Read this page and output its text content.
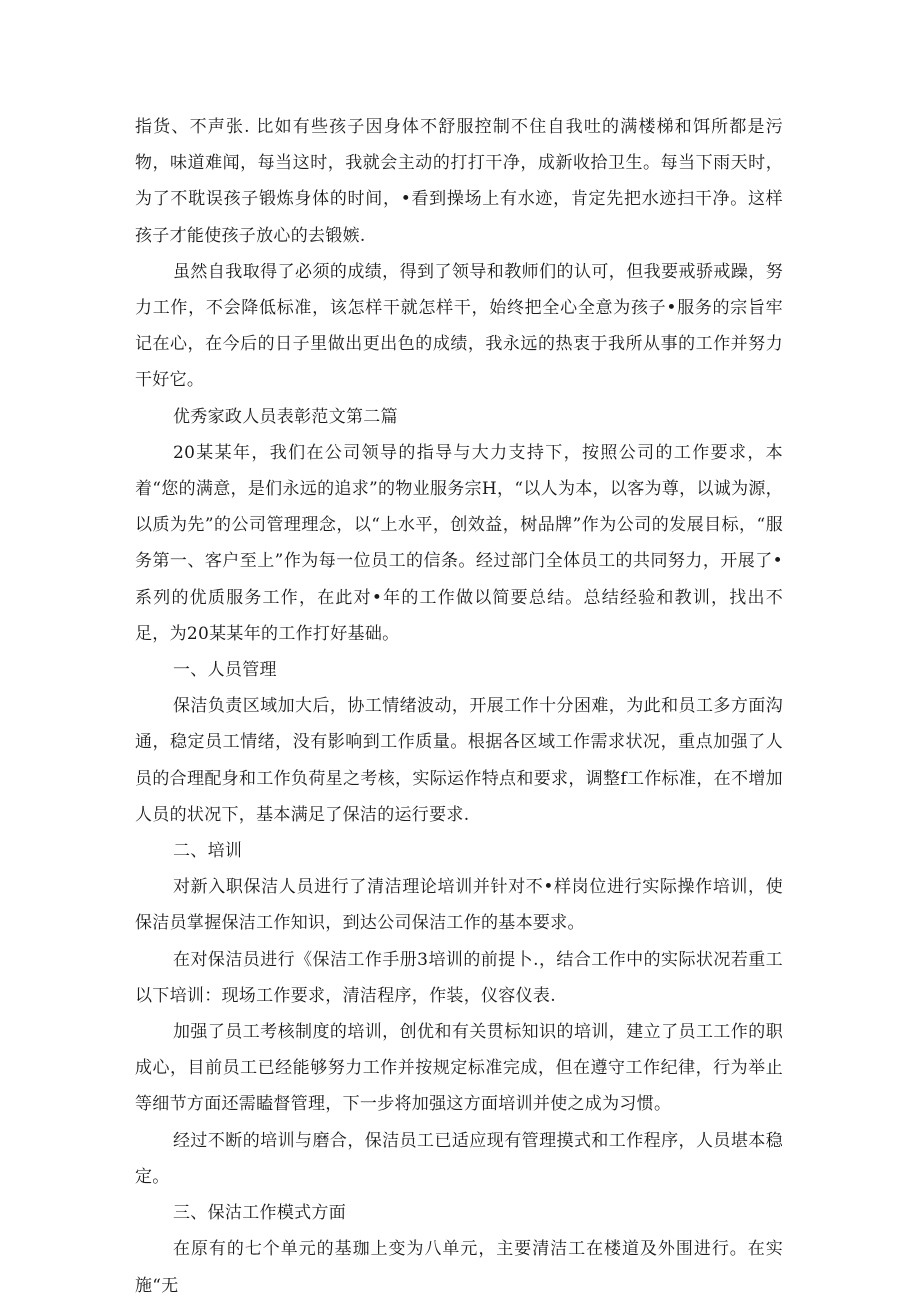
指货、不声张. 比如有些孩子因身体不舒服控制不住自我吐的满楼梯和饵所都是污物，味道难闻，每当这时，我就会主动的打打干净，成新收拾卫生。每当下雨天时，为了不耽误孩子锻炼身体的时间，•看到操场上有水迹，肯定先把水迹扫干净。这样孩子才能使孩子放心的去锻嫉.

虽然自我取得了必须的成绩，得到了领导和教师们的认可，但我要戒骄戒躁，努力工作，不会降低标准，该怎样干就怎样干，始终把全心全意为孩子•服务的宗旨牢记在心，在今后的日子里做出更出色的成绩，我永远的热衷于我所从事的工作并努力干好它。

优秀家政人员表彰范文第二篇

20某某年，我们在公司领导的指导与大力支持下，按照公司的工作要求，本着“您的满意，是们永远的追求”的物业服务宗H，“以人为本，以客为尊，以诚为源，以质为先”的公司管理理念，以“上水平，创效益，树品牌”作为公司的发展目标，“服务第一、客户至上”作为每一位员工的信条。经过部门全体员工的共同努力，开展了•系列的优质服务工作，在此对•年的工作做以简要总结。总结经验和教训，找出不足，为20某某年的工作打好基础。

一、人员管理

保洁负责区域加大后，协工情绪波动，开展工作十分困难，为此和员工多方面沟通，稳定员工情绪，没有影响到工作质量。根据各区域工作需求状况，重点加强了人员的合理配身和工作负荷星之考核，实际运作特点和要求，调整f工作标准，在不增加人员的状况下，基本满足了保洁的运行要求.

二、培训

对新入职保洁人员进行了清洁理论培训并针对不•样岗位进行实际操作培训，使保洁员掌握保洁工作知识，到达公司保洁工作的基本要求。

在对保洁员进行《保洁工作手册3培训的前提卜.，结合工作中的实际状况若重工以下培训：现场工作要求，清洁程序，作装，仪容仪表.

加强了员工考核制度的培训，创优和有关贯标知识的培训，建立了员工工作的职成心，目前员工已经能够努力工作并按规定标准完成，但在遵守工作纪律，行为举止等细节方面还需瞌督管理，下一步将加强这方面培训并使之成为习惯。

经过不断的培训与磨合，保洁员工已适应现有管理摸式和工作程序，人员堪本稳定。

三、保沽工作模式方面

在原有的七个单元的基珈上变为八单元，主要清洁工在楼道及外围进行。在实施“无
